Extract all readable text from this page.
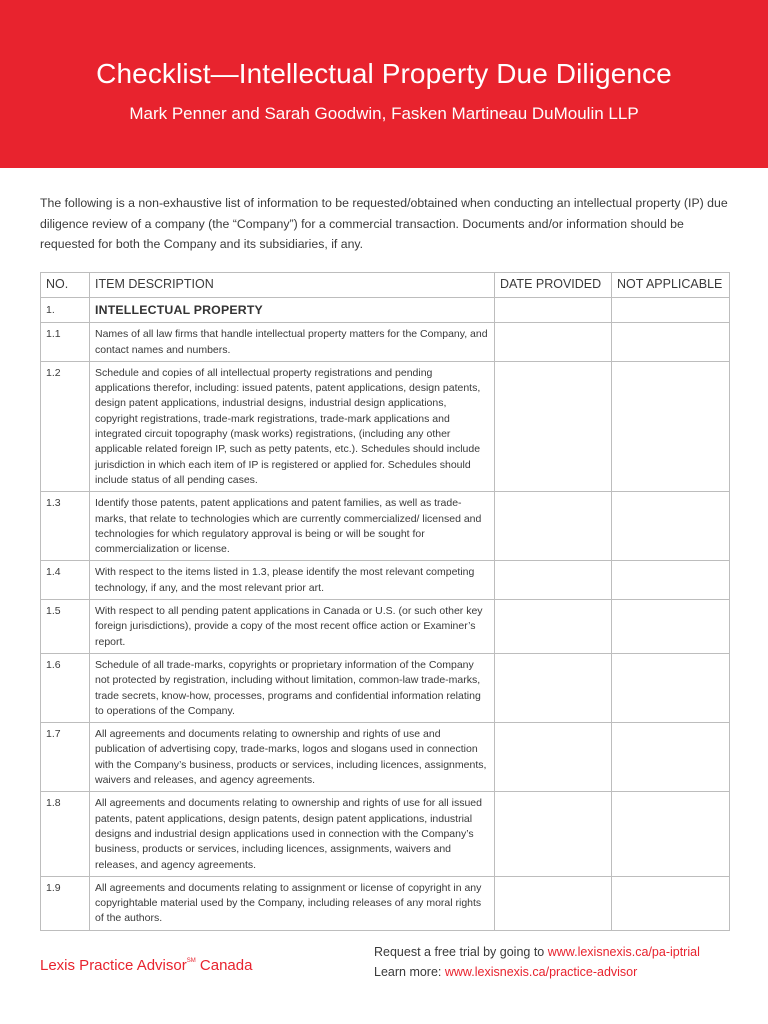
Checklist—Intellectual Property Due Diligence
Mark Penner and Sarah Goodwin, Fasken Martineau DuMoulin LLP

The following is a non-exhaustive list of information to be requested/obtained when conducting an intellectual property (IP) due diligence review of a company (the “Company”) for a commercial transaction. Documents and/or information should be requested for both the Company and its subsidiaries, if any.

NO.	ITEM DESCRIPTION	DATE PROVIDED	NOT APPLICABLE
1.	INTELLECTUAL PROPERTY		
1.1	Names of all law firms that handle intellectual property matters for the Company, and contact names and numbers.		
1.2	Schedule and copies of all intellectual property registrations and pending applications therefor, including: issued patents, patent applications, design patents, design patent applications, industrial designs, industrial design applications, copyright registrations, trade-mark registrations, trade-mark applications and integrated circuit topography (mask works) registrations, (including any other applicable related foreign IP, such as petty patents, etc.). Schedules should include jurisdiction in which each item of IP is registered or applied for. Schedules should include status of all pending cases.		
1.3	Identify those patents, patent applications and patent families, as well as trade-marks, that relate to technologies which are currently commercialized/ licensed and technologies for which regulatory approval is being or will be sought for commercialization or license.		
1.4	With respect to the items listed in 1.3, please identify the most relevant competing technology, if any, and the most relevant prior art.		
1.5	With respect to all pending patent applications in Canada or U.S. (or such other key foreign jurisdictions), provide a copy of the most recent office action or Examiner’s report.		
1.6	Schedule of all trade-marks, copyrights or proprietary information of the Company not protected by registration, including without limitation, common-law trade-marks, trade secrets, know-how, processes, programs and confidential information relating to operations of the Company.		
1.7	All agreements and documents relating to ownership and rights of use and publication of advertising copy, trade-marks, logos and slogans used in connection with the Company’s business, products or services, including licences, assignments, waivers and releases, and agency agreements.		
1.8	All agreements and documents relating to ownership and rights of use for all issued patents, patent applications, design patents, design patent applications, industrial designs and industrial design applications used in connection with the Company’s business, products or services, including licences, assignments, waivers and releases, and agency agreements.		
1.9	All agreements and documents relating to assignment or license of copyright in any copyrightable material used by the Company, including releases of any moral rights of the authors.		
Lexis Practice Advisor℠ Canada
Request a free trial by going to www.lexisnexis.ca/pa-iptrial
Learn more: www.lexisnexis.ca/practice-advisor
